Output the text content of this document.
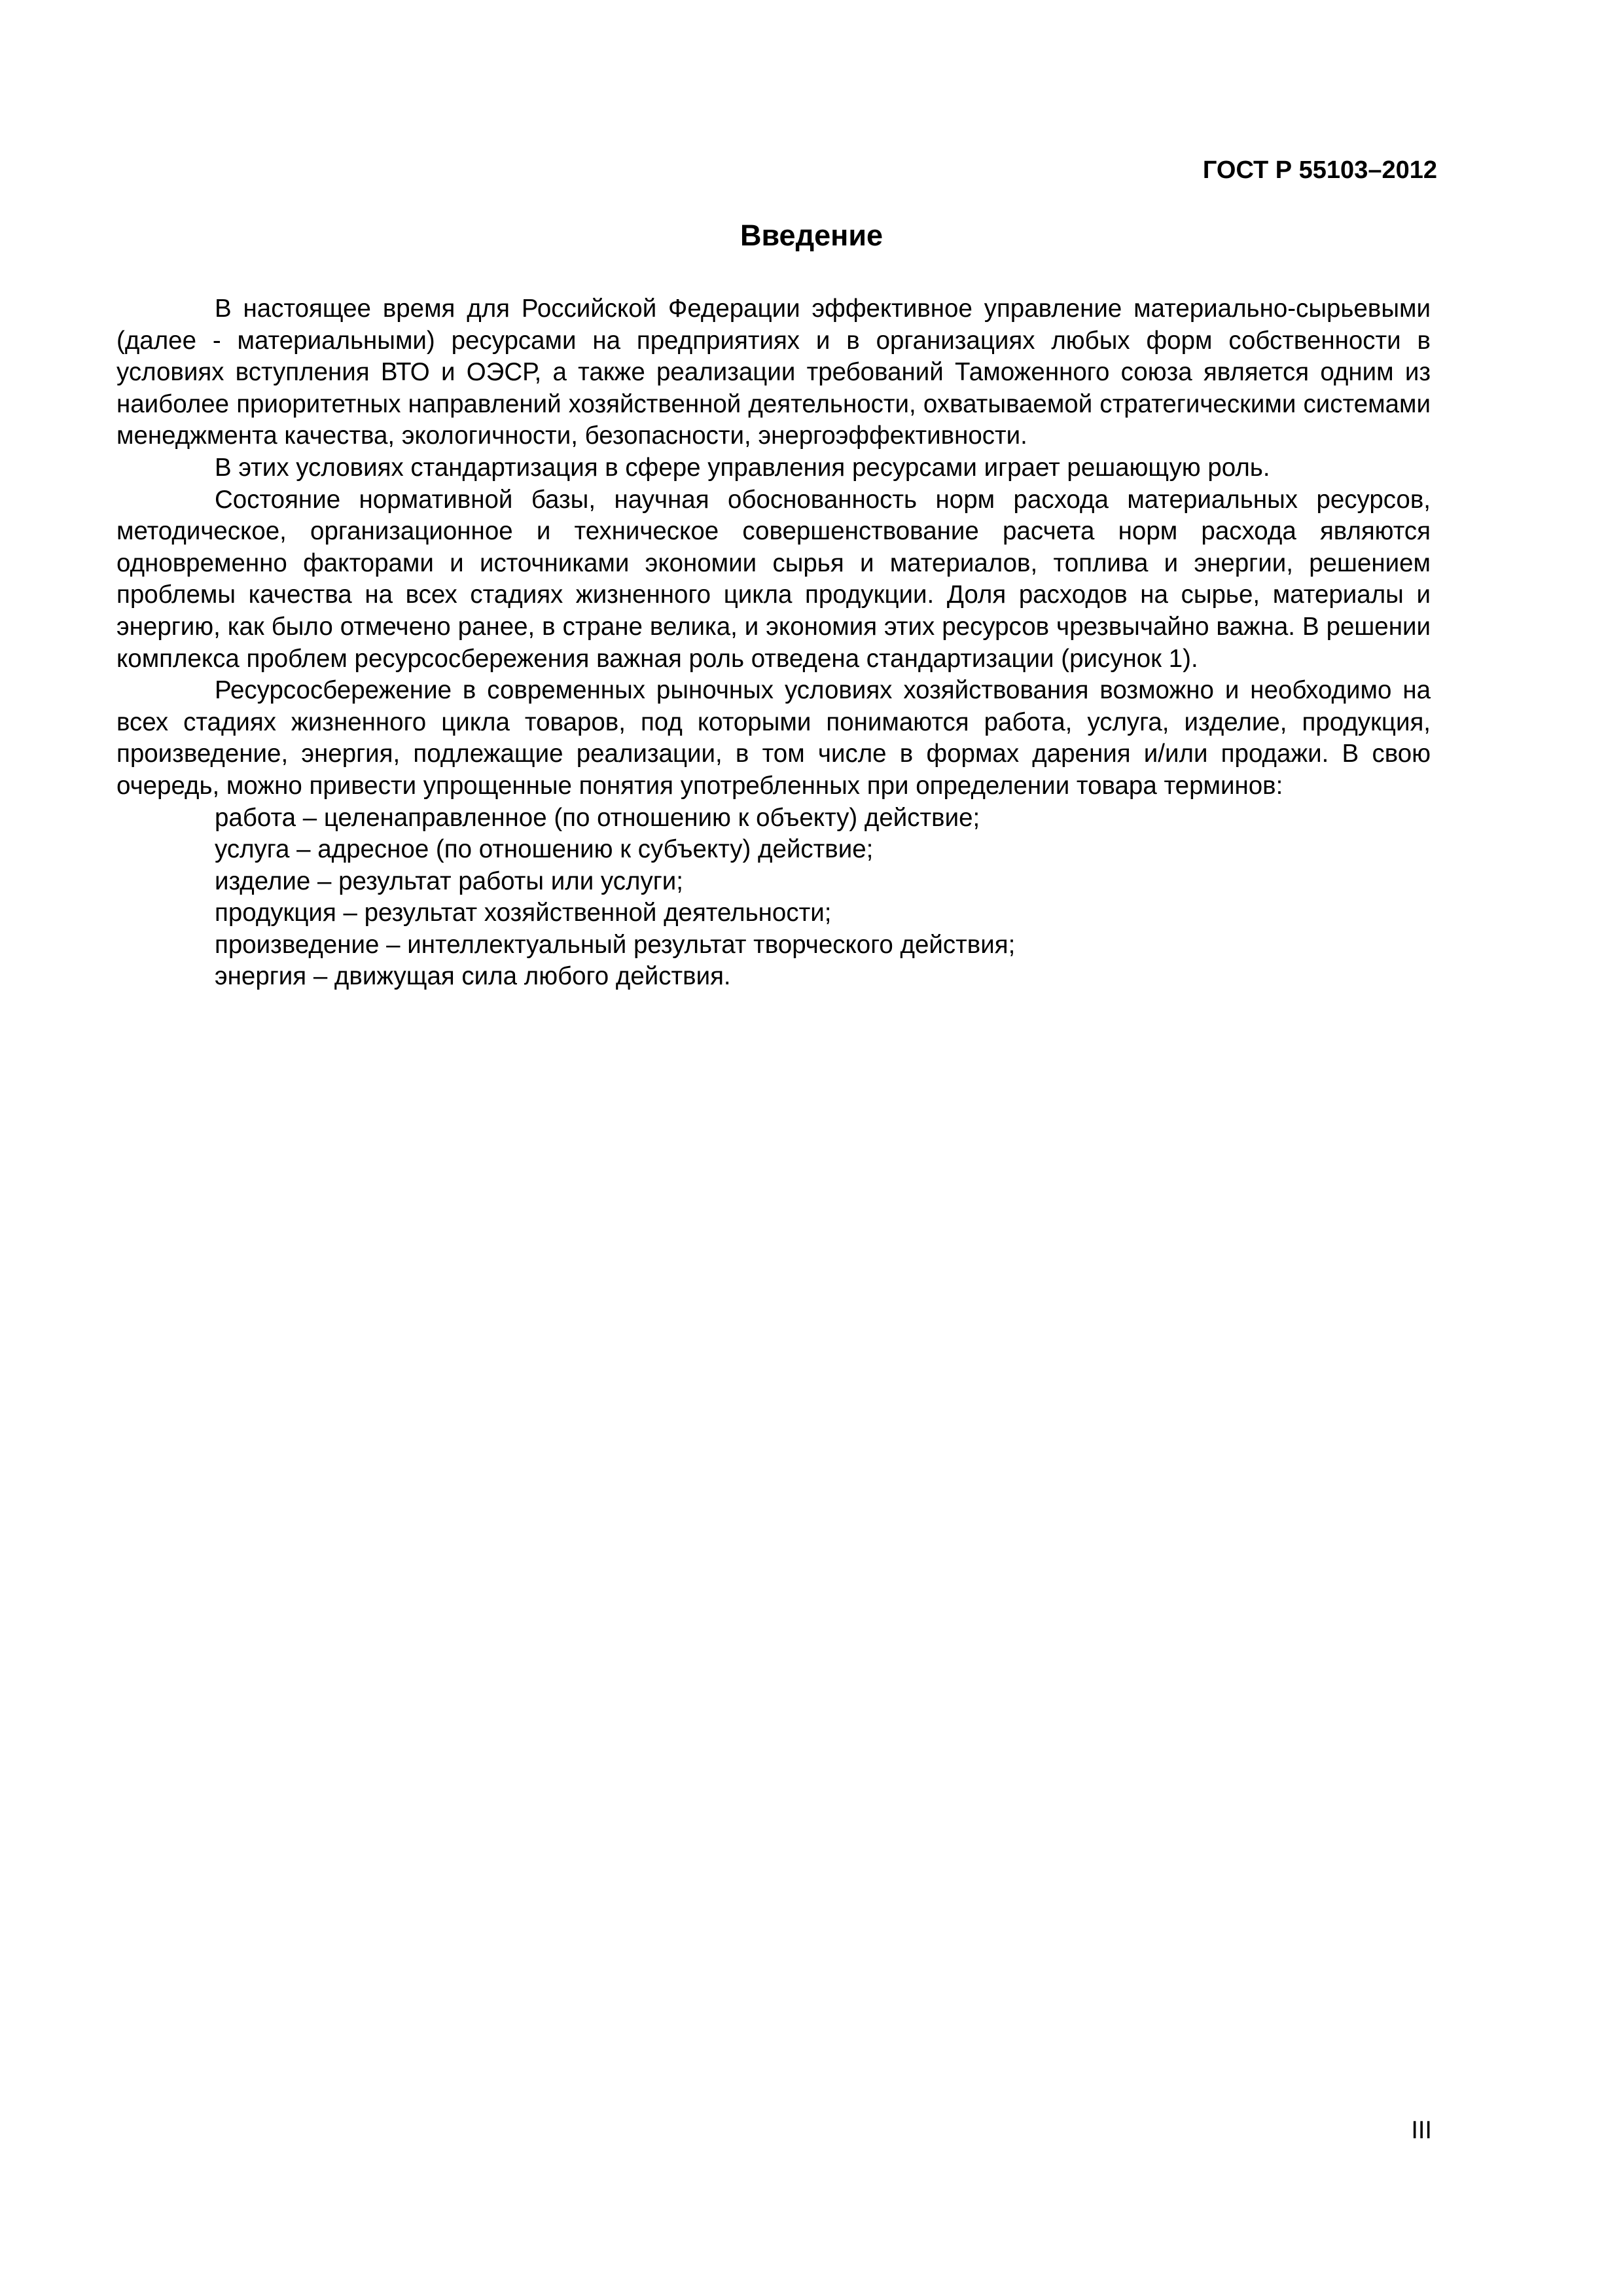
ГОСТ Р 55103–2012
Введение

В настоящее время для Российской Федерации эффективное управление материально-сырьевыми (далее - материальными) ресурсами на предприятиях и в организациях любых форм собственности в условиях вступления ВТО и ОЭСР, а также реализации требований Таможенного союза является одним из наиболее приоритетных направлений хозяйственной деятельности, охватываемой стратегическими системами менеджмента качества, экологичности, безопасности, энергоэффективности.

В этих условиях стандартизация в сфере управления ресурсами играет решающую роль.

Состояние нормативной базы, научная обоснованность норм расхода материальных ресурсов, методическое, организационное и техническое совершенствование расчета норм расхода являются одновременно факторами и источниками экономии сырья и материалов, топлива и энергии, решением проблемы качества на всех стадиях жизненного цикла продукции. Доля расходов на сырье, материалы и энергию, как было отмечено ранее, в стране велика, и экономия этих ресурсов чрезвычайно важна. В решении комплекса проблем ресурсосбережения важная роль отведена стандартизации (рисунок 1).

Ресурсосбережение в современных рыночных условиях хозяйствования возможно и необходимо на всех стадиях жизненного цикла товаров, под которыми понимаются работа, услуга, изделие, продукция, произведение, энергия, подлежащие реализации, в том числе в формах дарения и/или продажи. В свою очередь, можно привести упрощенные понятия употребленных при определении товара терминов:

работа – целенаправленное (по отношению к объекту) действие;
услуга – адресное (по отношению к субъекту) действие;
изделие – результат работы или услуги;
продукция – результат хозяйственной деятельности;
произведение – интеллектуальный результат творческого действия;
энергия – движущая сила любого действия.
III
